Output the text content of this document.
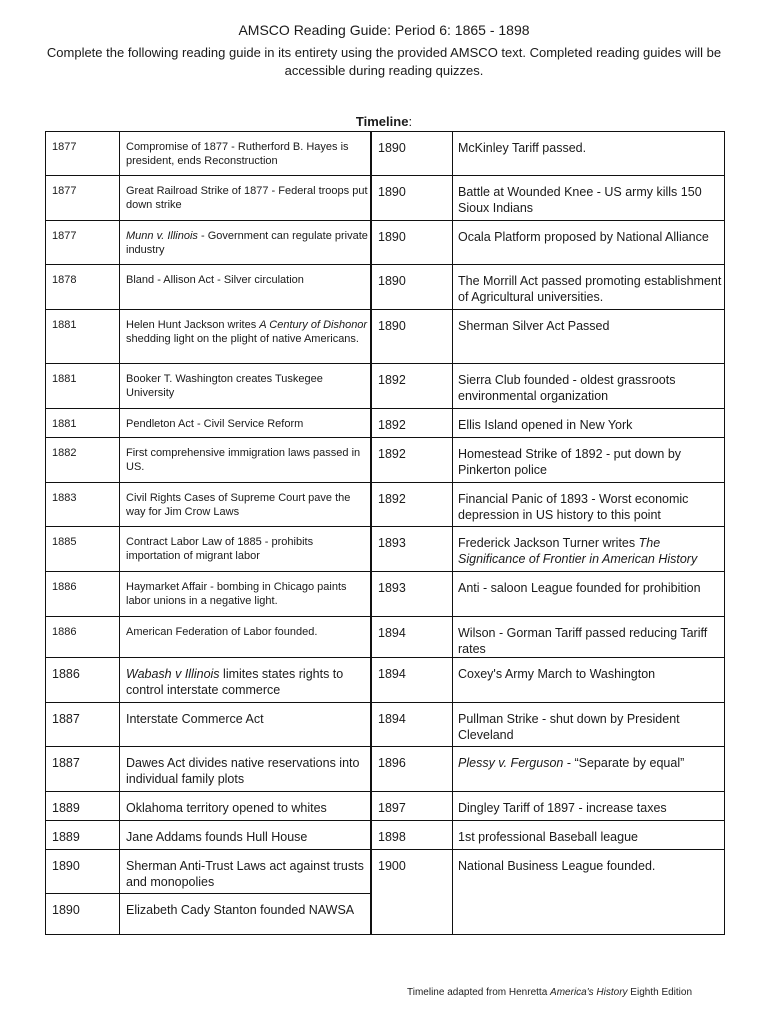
AMSCO Reading Guide: Period 6: 1865 - 1898
Complete the following reading guide in its entirety using the provided AMSCO text. Completed reading guides will be accessible during reading quizzes.
Timeline:
1877	Compromise of 1877 - Rutherford B. Hayes is president, ends Reconstruction
1877	Great Railroad Strike of 1877 - Federal troops put down strike
1877	Munn v. Illinois - Government can regulate private industry
1878	Bland - Allison Act - Silver circulation
1881	Helen Hunt Jackson writes A Century of Dishonor shedding light on the plight of native Americans.
1881	Booker T. Washington creates Tuskegee University
1881	Pendleton Act - Civil Service Reform
1882	First comprehensive immigration laws passed in US.
1883	Civil Rights Cases of Supreme Court pave the way for Jim Crow Laws
1885	Contract Labor Law of 1885 - prohibits importation of migrant labor
1886	Haymarket Affair - bombing in Chicago paints labor unions in a negative light.
1886	American Federation of Labor founded.
1886	Wabash v Illinois limites states rights to control interstate commerce
1887	Interstate Commerce Act
1887	Dawes Act divides native reservations into individual family plots
1889	Oklahoma territory opened to whites
1889	Jane Addams founds Hull House
1890	Sherman Anti-Trust Laws act against trusts and monopolies
1890	Elizabeth Cady Stanton founded NAWSA
1890	McKinley Tariff passed.
1890	Battle at Wounded Knee - US army kills 150 Sioux Indians
1890	Ocala Platform proposed by National Alliance
1890	The Morrill Act passed promoting establishment of Agricultural universities.
1890	Sherman Silver Act Passed
1892	Sierra Club founded - oldest grassroots environmental organization
1892	Ellis Island opened in New York
1892	Homestead Strike of 1892 - put down by Pinkerton police
1892	Financial Panic of 1893 - Worst economic depression in US history to this point
1893	Frederick Jackson Turner writes The Significance of Frontier in American History
1893	Anti - saloon League founded for prohibition
1894	Wilson - Gorman Tariff passed reducing Tariff rates
1894	Coxey's Army March to Washington
1894	Pullman Strike - shut down by President Cleveland
1896	Plessy v. Ferguson - “Separate by equal”
1897	Dingley Tariff of 1897 - increase taxes
1898	1st professional Baseball league
1900	National Business League founded.
Timeline adapted from Henretta America's History Eighth Edition
